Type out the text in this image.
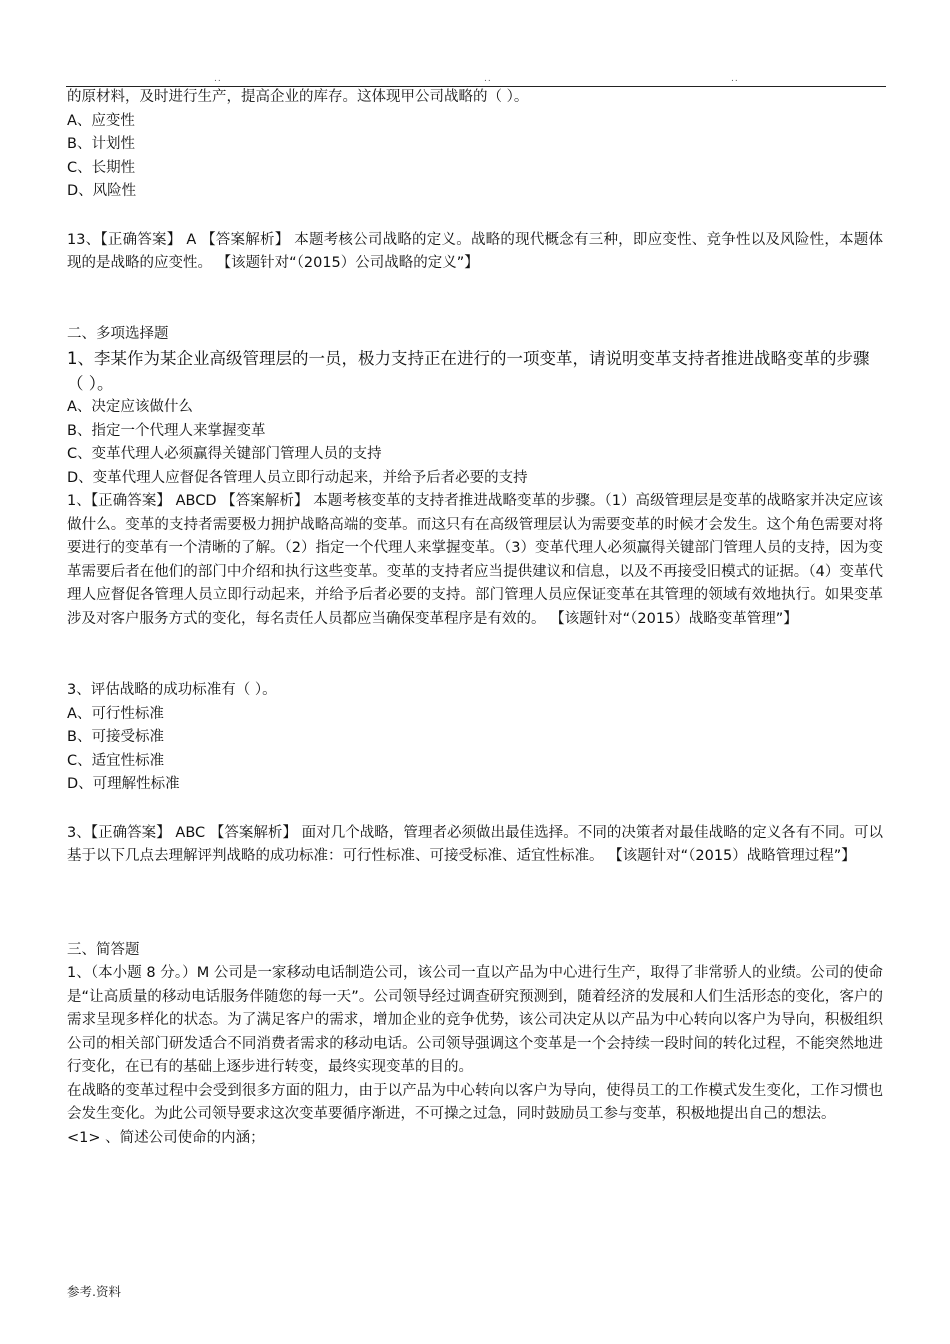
..	..	..

的原材料，及时进行生产，提高企业的库存。这体现甲公司战略的（ ）。

A、应变性

B、计划性

C、长期性

D、风险性

13、【正确答案】 A 【答案解析】 本题考核公司战略的定义。战略的现代概念有三种，即应变性、竞争性以及风险性，本题体现的是战略的应变性。 【该题针对“（2015）公司战略的定义”】

二、多项选择题

1、李某作为某企业高级管理层的一员，极力支持正在进行的一项变革，请说明变革支持者推进战略变革的步骤（ ）。

A、决定应该做什么

B、指定一个代理人来掌握变革

C、变革代理人必须赢得关键部门管理人员的支持

D、变革代理人应督促各管理人员立即行动起来，并给予后者必要的支持

1、【正确答案】 ABCD 【答案解析】 本题考核变革的支持者推进战略变革的步骤。（1）高级管理层是变革的战略家并决定应该做什么。变革的支持者需要极力拥护战略高端的变革。而这只有在高级管理层认为需要变革的时候才会发生。这个角色需要对将要进行的变革有一个清晰的了解。（2）指定一个代理人来掌握变革。（3）变革代理人必须赢得关键部门管理人员的支持，因为变革需要后者在他们的部门中介绍和执行这些变革。变革的支持者应当提供建议和信息，以及不再接受旧模式的证据。（4）变革代理人应督促各管理人员立即行动起来，并给予后者必要的支持。部门管理人员应保证变革在其管理的领域有效地执行。如果变革涉及对客户服务方式的变化，每名责任人员都应当确保变革程序是有效的。 【该题针对“（2015）战略变革管理”】

3、评估战略的成功标准有（ ）。

A、可行性标准

B、可接受标准

C、适宜性标准

D、可理解性标准

3、【正确答案】 ABC 【答案解析】 面对几个战略，管理者必须做出最佳选择。不同的决策者对最佳战略的定义各有不同。可以基于以下几点去理解评判战略的成功标准：可行性标准、可接受标准、适宜性标准。 【该题针对“（2015）战略管理过程”】

三、简答题

1、（本小题 8 分。）M 公司是一家移动电话制造公司，该公司一直以产品为中心进行生产，取得了非常骄人的业绩。公司的使命是“让高质量的移动电话服务伴随您的每一天”。公司领导经过调查研究预测到，随着经济的发展和人们生活形态的变化，客户的需求呈现多样化的状态。为了满足客户的需求，增加企业的竞争优势，该公司决定从以产品为中心转向以客户为导向，积极组织公司的相关部门研发适合不同消费者需求的移动电话。公司领导强调这个变革是一个会持续一段时间的转化过程，不能突然地进行变化，在已有的基础上逐步进行转变，最终实现变革的目的。

在战略的变革过程中会受到很多方面的阻力，由于以产品为中心转向以客户为导向，使得员工的工作模式发生变化，工作习惯也会发生变化。为此公司领导要求这次变革要循序渐进，不可操之过急，同时鼓励员工参与变革，积极地提出自己的想法。

<1> 、简述公司使命的内涵；

参考.资料
